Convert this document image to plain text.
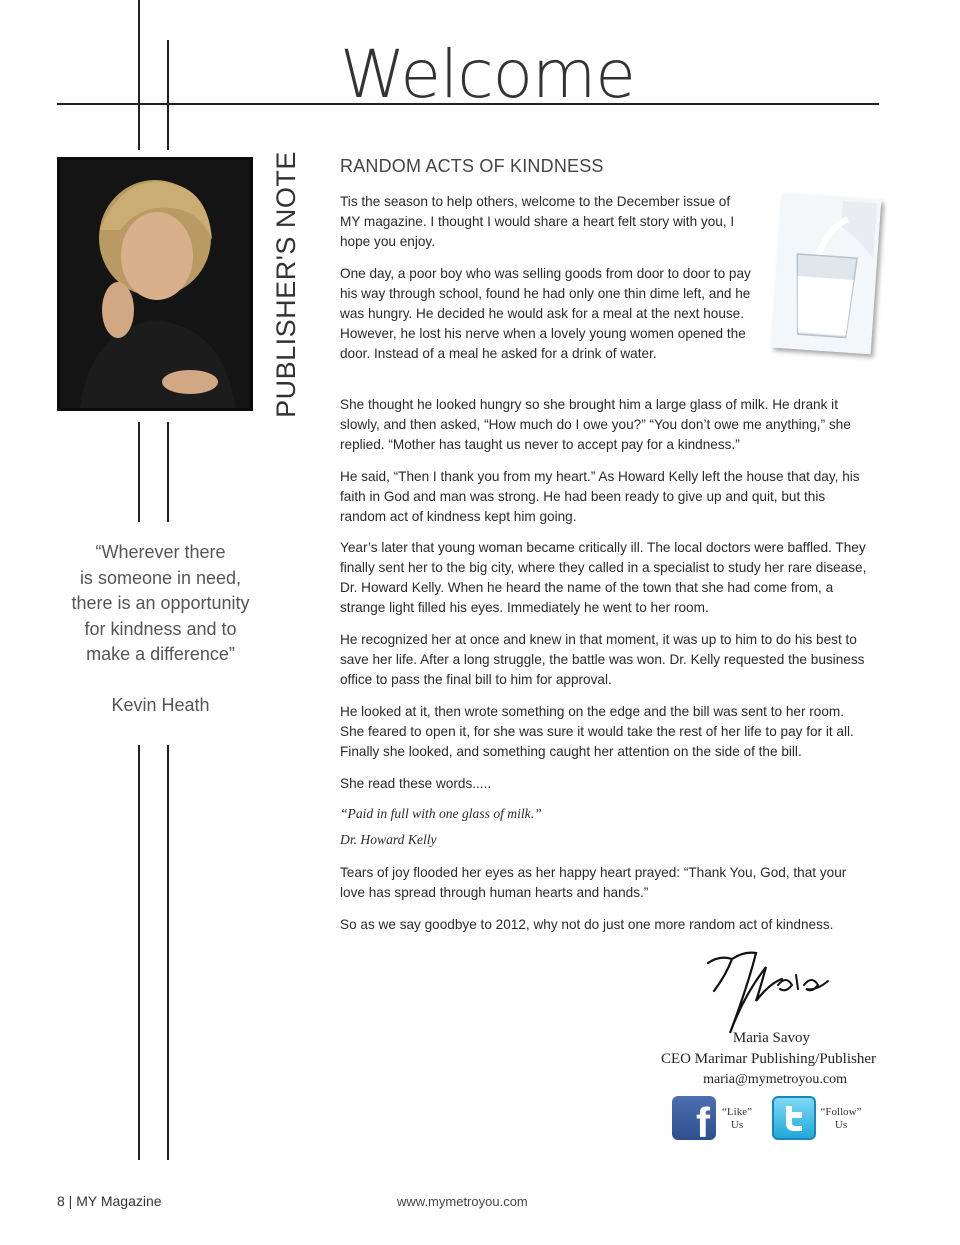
Welcome
PUBLISHER'S NOTE
“Wherever there
is someone in need,
there is an opportunity
for kindness and to
make a difference”
Kevin Heath
RANDOM ACTS OF KINDNESS
Tis the season to help others, welcome to the December issue of MY magazine. I thought I would share a heart felt story with you, I hope you enjoy.
One day, a poor boy who was selling goods from door to door to pay his way through school, found he had only one thin dime left, and he was hungry. He decided he would ask for a meal at the next house. However, he lost his nerve when a lovely young women opened the door. Instead of a meal he asked for a drink of water.
She thought he looked hungry so she brought him a large glass of milk. He drank it slowly, and then asked, “How much do I owe you?” “You don’t owe me anything,” she replied. “Mother has taught us never to accept pay for a kindness.”
He said, “Then I thank you from my heart.” As Howard Kelly left the house that day, his faith in God and man was strong. He had been ready to give up and quit, but this random act of kindness kept him going.
Year’s later that young woman became critically ill. The local doctors were baffled. They finally sent her to the big city, where they called in a specialist to study her rare disease, Dr. Howard Kelly. When he heard the name of the town that she had come from, a strange light filled his eyes. Immediately he went to her room.
He recognized her at once and knew in that moment, it was up to him to do his best to save her life. After a long struggle, the battle was won. Dr. Kelly requested the business office to pass the final bill to him for approval.
He looked at it, then wrote something on the edge and the bill was sent to her room. She feared to open it, for she was sure it would take the rest of her life to pay for it all. Finally she looked, and something caught her attention on the side of the bill.
She read these words.....
“Paid in full with one glass of milk.”
Dr. Howard Kelly
Tears of joy flooded her eyes as her happy heart prayed: “Thank You, God, that your love has spread through human hearts and hands.”
So as we say goodbye to 2012, why not do just one more random act of kindness.
Maria Savoy
CEO Marimar Publishing/Publisher
maria@mymetroyou.com
f	“Like”
Us
“Follow”
Us
8 | MY Magazine	www.mymetroyou.com
